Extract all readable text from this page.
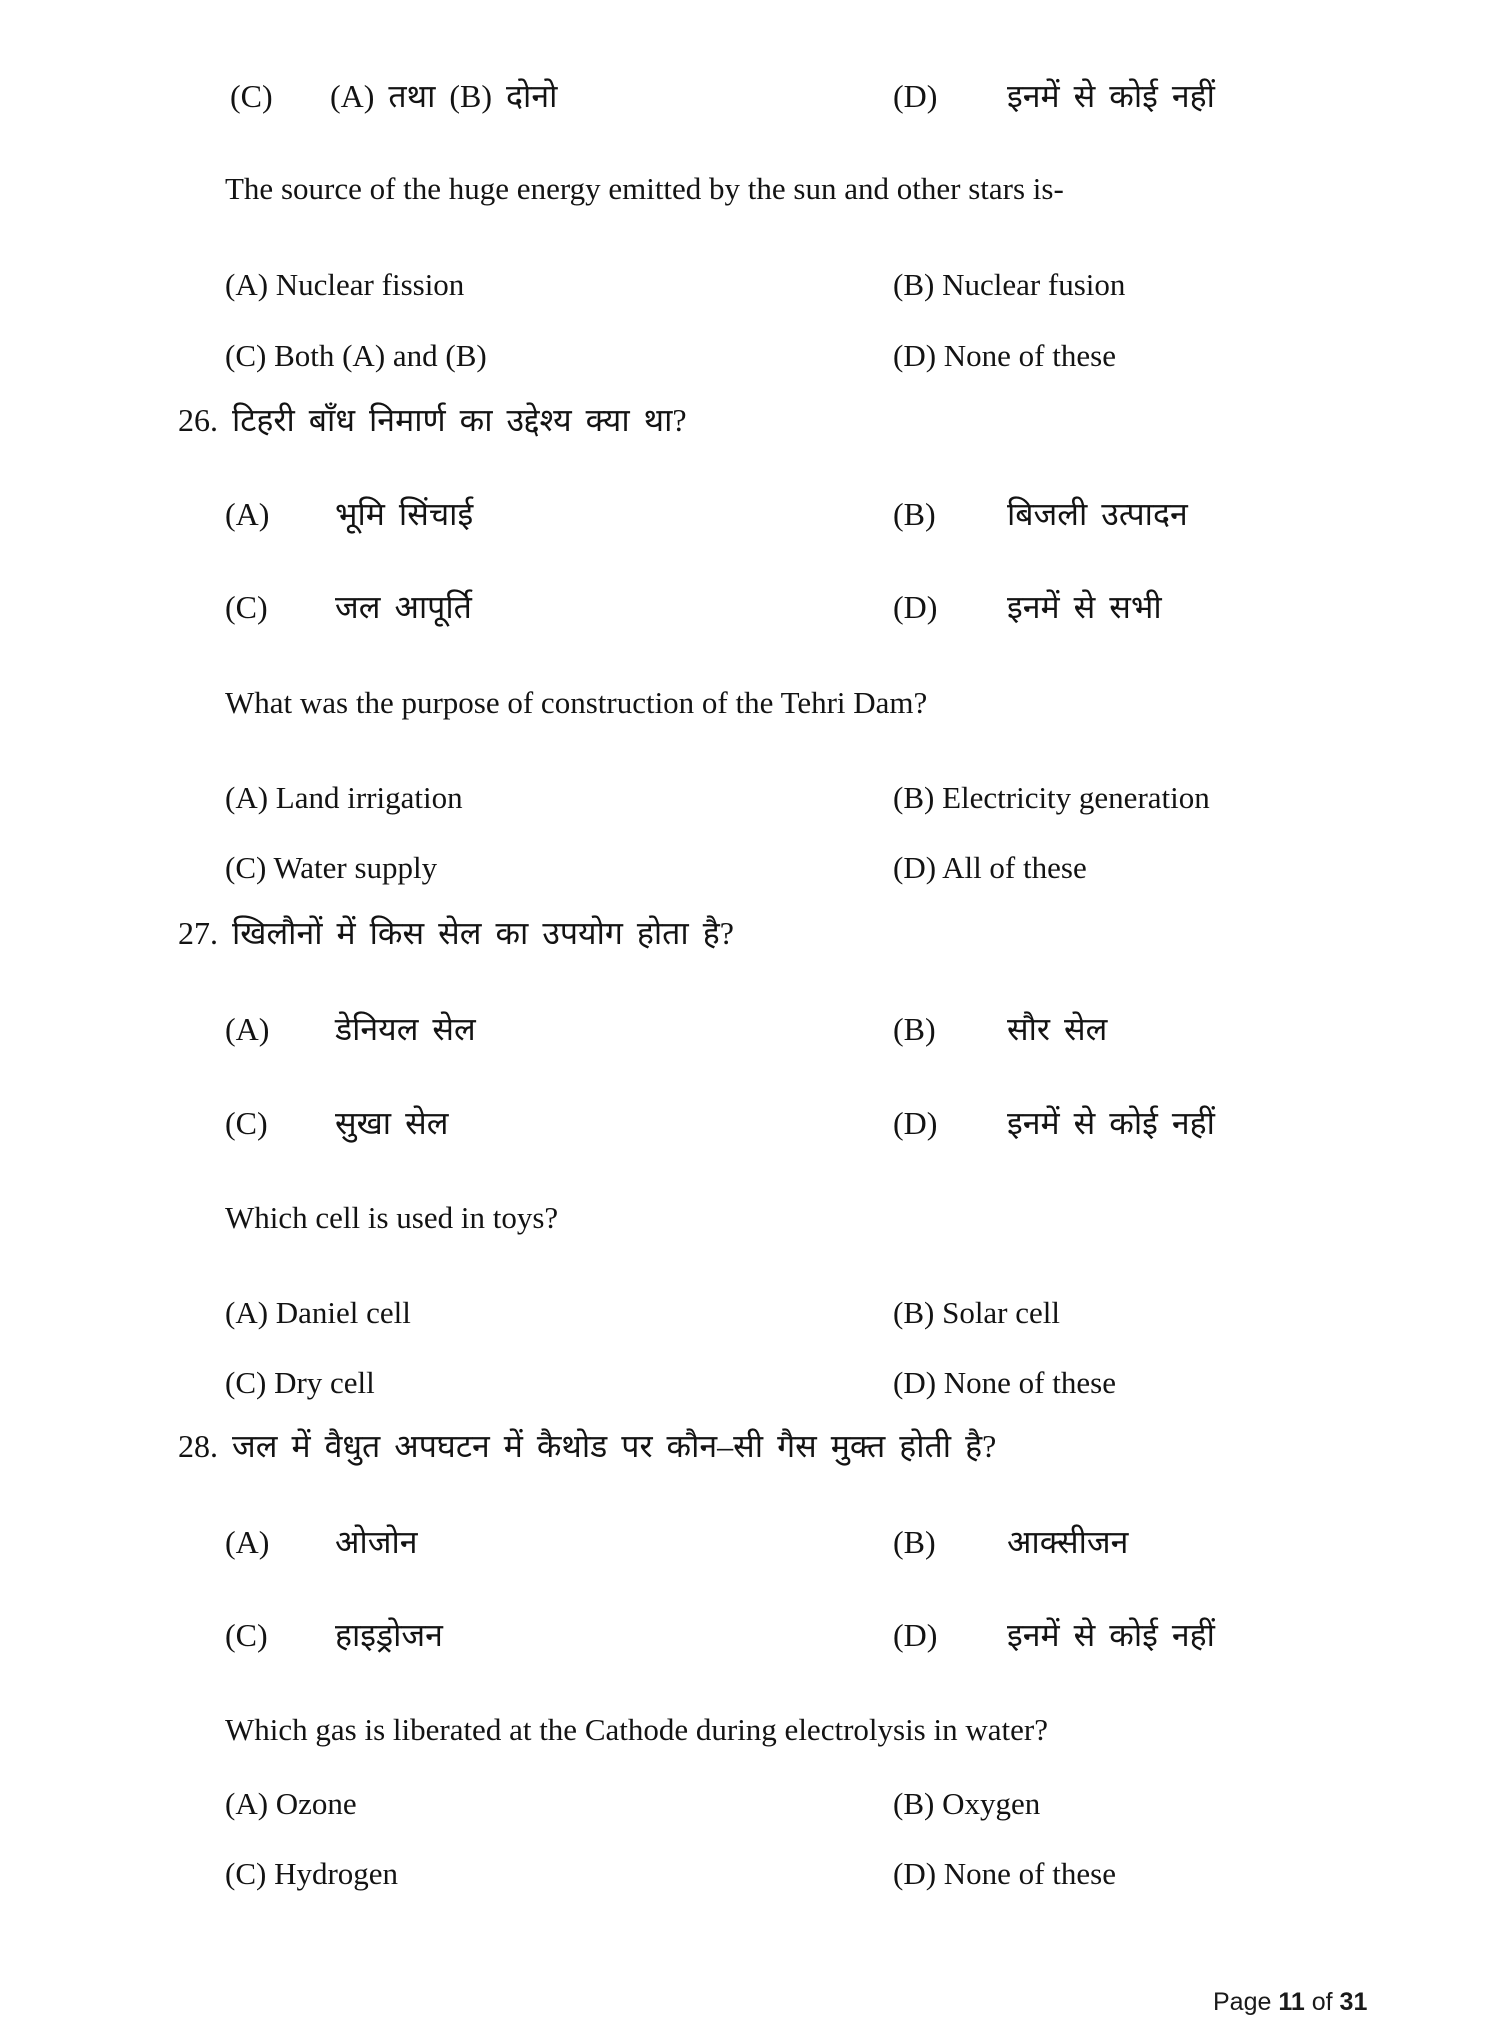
(C) (A) तथा (B) दोनो	(D) इनमें से कोई नहीं
The source of the huge energy emitted by the sun and other stars is-
(A) Nuclear fission	(B) Nuclear fusion
(C) Both (A) and (B)	(D) None of these
26. टिहरी बाँध निमार्ण का उद्देश्य क्या था?
(A) भूमि सिंचाई	(B) बिजली उत्पादन
(C) जल आपूर्ति	(D) इनमें से सभी
What was the purpose of construction of the Tehri Dam?
(A) Land irrigation	(B) Electricity generation
(C) Water supply	(D) All of these
27. खिलौनों में किस सेल का उपयोग होता है?
(A) डेनियल सेल	(B) सौर सेल
(C) सुखा सेल	(D) इनमें से कोई नहीं
Which cell is used in toys?
(A) Daniel cell	(B) Solar cell
(C) Dry cell	(D) None of these
28. जल में वैधुत अपघटन में कैथोड पर कौन–सी गैस मुक्त होती है?
(A) ओजोन	(B) आक्सीजन
(C) हाइड्रोजन	(D) इनमें से कोई नहीं
Which gas is liberated at the Cathode during electrolysis in water?
(A) Ozone	(B) Oxygen
(C) Hydrogen	(D) None of these
Page 11 of 31
